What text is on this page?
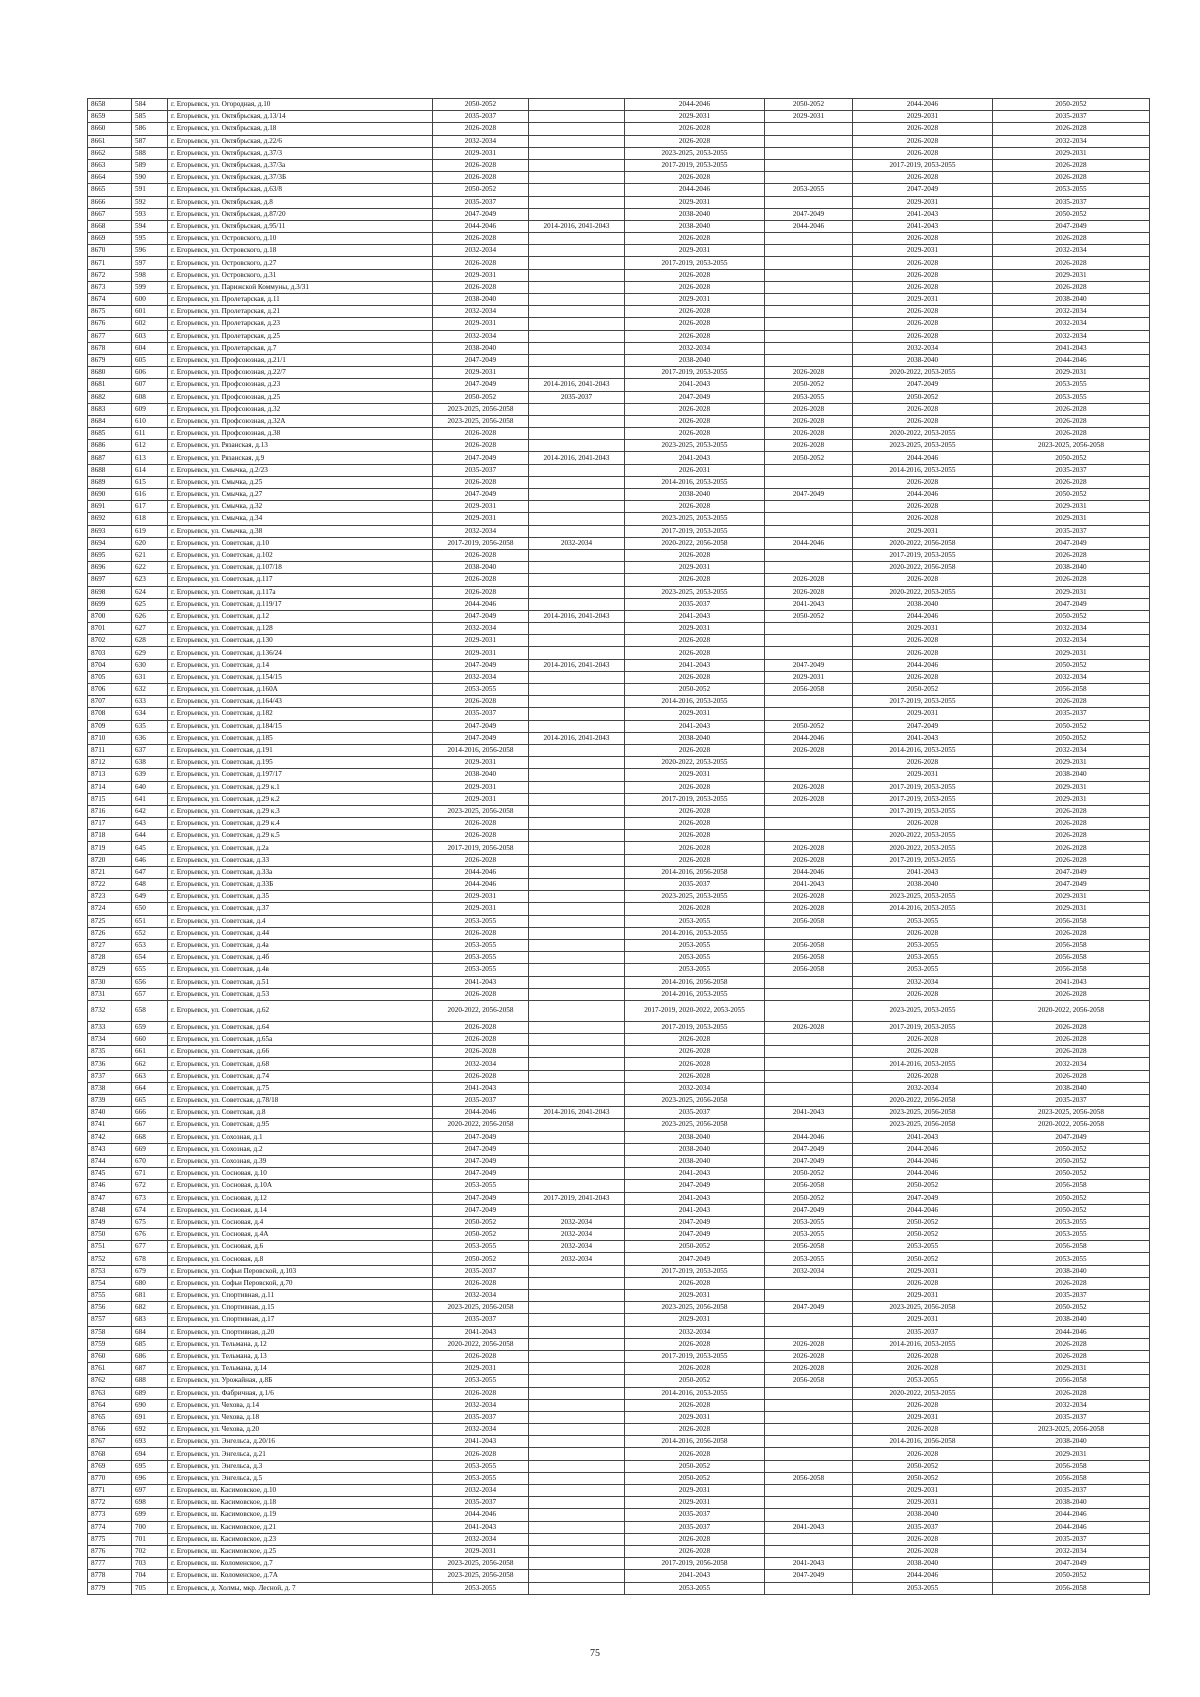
8658	584	г. Егорьевск, ул. Огородная, д.10	2050-2052		2044-2046	2050-2052	2044-2046	2050-2052
8659	585	г. Егорьевск, ул. Октябрьская, д.13/14	2035-2037		2029-2031	2029-2031	2029-2031	2035-2037
8660	586	г. Егорьевск, ул. Октябрьская, д.18	2026-2028		2026-2028		2026-2028	2026-2028
8661	587	г. Егорьевск, ул. Октябрьская, д.22/6	2032-2034		2026-2028		2026-2028	2032-2034
8662	588	г. Егорьевск, ул. Октябрьская, д.37/3	2029-2031		2023-2025, 2053-2055		2026-2028	2029-2031
8663	589	г. Егорьевск, ул. Октябрьская, д.37/3а	2026-2028		2017-2019, 2053-2055		2017-2019, 2053-2055	2026-2028
8664	590	г. Егорьевск, ул. Октябрьская, д.37/3Б	2026-2028		2026-2028		2026-2028	2026-2028
8665	591	г. Егорьевск, ул. Октябрьская, д.63/8	2050-2052		2044-2046	2053-2055	2047-2049	2053-2055
8666	592	г. Егорьевск, ул. Октябрьская, д.8	2035-2037		2029-2031		2029-2031	2035-2037
8667	593	г. Егорьевск, ул. Октябрьская, д.87/20	2047-2049		2038-2040	2047-2049	2041-2043	2050-2052
8668	594	г. Егорьевск, ул. Октябрьская, д.95/11	2044-2046	2014-2016, 2041-2043	2038-2040	2044-2046	2041-2043	2047-2049
8669	595	г. Егорьевск, ул. Островского, д.10	2026-2028		2026-2028		2026-2028	2026-2028
8670	596	г. Егорьевск, ул. Островского, д.18	2032-2034		2029-2031		2029-2031	2032-2034
8671	597	г. Егорьевск, ул. Островского, д.27	2026-2028		2017-2019, 2053-2055		2026-2028	2026-2028
8672	598	г. Егорьевск, ул. Островского, д.31	2029-2031		2026-2028		2026-2028	2029-2031
8673	599	г. Егорьевск, ул. Парижской Коммуны, д.3/31	2026-2028		2026-2028		2026-2028	2026-2028
8674	600	г. Егорьевск, ул. Пролетарская, д.11	2038-2040		2029-2031		2029-2031	2038-2040
8675	601	г. Егорьевск, ул. Пролетарская, д.21	2032-2034		2026-2028		2026-2028	2032-2034
8676	602	г. Егорьевск, ул. Пролетарская, д.23	2029-2031		2026-2028		2026-2028	2032-2034
8677	603	г. Егорьевск, ул. Пролетарская, д.25	2032-2034		2026-2028		2026-2028	2032-2034
8678	604	г. Егорьевск, ул. Пролетарская, д.7	2038-2040		2032-2034		2032-2034	2041-2043
8679	605	г. Егорьевск, ул. Профсоюзная, д.21/1	2047-2049		2038-2040		2038-2040	2044-2046
8680	606	г. Егорьевск, ул. Профсоюзная, д.22/7	2029-2031		2017-2019, 2053-2055	2026-2028	2020-2022, 2053-2055	2029-2031
8681	607	г. Егорьевск, ул. Профсоюзная, д.23	2047-2049	2014-2016, 2041-2043	2041-2043	2050-2052	2047-2049	2053-2055
8682	608	г. Егорьевск, ул. Профсоюзная, д.25	2050-2052	2035-2037	2047-2049	2053-2055	2050-2052	2053-2055
8683	609	г. Егорьевск, ул. Профсоюзная, д.32	2023-2025, 2056-2058		2026-2028	2026-2028	2026-2028	2026-2028
8684	610	г. Егорьевск, ул. Профсоюзная, д.32А	2023-2025, 2056-2058		2026-2028	2026-2028	2026-2028	2026-2028
8685	611	г. Егорьевск, ул. Профсоюзная, д.38	2026-2028		2026-2028	2026-2028	2020-2022, 2053-2055	2026-2028
8686	612	г. Егорьевск, ул. Рязанская, д.13	2026-2028		2023-2025, 2053-2055	2026-2028	2023-2025, 2053-2055	2023-2025, 2056-2058
8687	613	г. Егорьевск, ул. Рязанская, д.9	2047-2049	2014-2016, 2041-2043	2041-2043	2050-2052	2044-2046	2050-2052
8688	614	г. Егорьевск, ул. Смычка, д.2/23	2035-2037		2026-2031		2014-2016, 2053-2055	2035-2037
8689	615	г. Егорьевск, ул. Смычка, д.25	2026-2028		2014-2016, 2053-2055		2026-2028	2026-2028
8690	616	г. Егорьевск, ул. Смычка, д.27	2047-2049		2038-2040	2047-2049	2044-2046	2050-2052
8691	617	г. Егорьевск, ул. Смычка, д.32	2029-2031		2026-2028		2026-2028	2029-2031
8692	618	г. Егорьевск, ул. Смычка, д.34	2029-2031		2023-2025, 2053-2055		2026-2028	2029-2031
8693	619	г. Егорьевск, ул. Смычка, д.38	2032-2034		2017-2019, 2053-2055		2029-2031	2035-2037
8694	620	г. Егорьевск, ул. Советская, д.10	2017-2019, 2056-2058	2032-2034	2020-2022, 2056-2058	2044-2046	2020-2022, 2056-2058	2047-2049
8695	621	г. Егорьевск, ул. Советская, д.102	2026-2028		2026-2028		2017-2019, 2053-2055	2026-2028
8696	622	г. Егорьевск, ул. Советская, д.107/18	2038-2040		2029-2031		2020-2022, 2056-2058	2038-2040
8697	623	г. Егорьевск, ул. Советская, д.117	2026-2028		2026-2028	2026-2028	2026-2028	2026-2028
8698	624	г. Егорьевск, ул. Советская, д.117а	2026-2028		2023-2025, 2053-2055	2026-2028	2020-2022, 2053-2055	2029-2031
8699	625	г. Егорьевск, ул. Советская, д.119/17	2044-2046		2035-2037	2041-2043	2038-2040	2047-2049
8700	626	г. Егорьевск, ул. Советская, д.12	2047-2049	2014-2016, 2041-2043	2041-2043	2050-2052	2044-2046	2050-2052
8701	627	г. Егорьевск, ул. Советская, д.128	2032-2034		2029-2031		2029-2031	2032-2034
8702	628	г. Егорьевск, ул. Советская, д.130	2029-2031		2026-2028		2026-2028	2032-2034
8703	629	г. Егорьевск, ул. Советская, д.136/24	2029-2031		2026-2028		2026-2028	2029-2031
8704	630	г. Егорьевск, ул. Советская, д.14	2047-2049	2014-2016, 2041-2043	2041-2043	2047-2049	2044-2046	2050-2052
8705	631	г. Егорьевск, ул. Советская, д.154/15	2032-2034		2026-2028	2029-2031	2026-2028	2032-2034
8706	632	г. Егорьевск, ул. Советская, д.160А	2053-2055		2050-2052	2056-2058	2050-2052	2056-2058
8707	633	г. Егорьевск, ул. Советская, д.164/43	2026-2028		2014-2016, 2053-2055		2017-2019, 2053-2055	2026-2028
8708	634	г. Егорьевск, ул. Советская, д.182	2035-2037		2029-2031		2029-2031	2035-2037
8709	635	г. Егорьевск, ул. Советская, д.184/15	2047-2049		2041-2043	2050-2052	2047-2049	2050-2052
8710	636	г. Егорьевск, ул. Советская, д.185	2047-2049	2014-2016, 2041-2043	2038-2040	2044-2046	2041-2043	2050-2052
8711	637	г. Егорьевск, ул. Советская, д.191	2014-2016, 2056-2058		2026-2028	2026-2028	2014-2016, 2053-2055	2032-2034
8712	638	г. Егорьевск, ул. Советская, д.195	2029-2031		2020-2022, 2053-2055		2026-2028	2029-2031
8713	639	г. Егорьевск, ул. Советская, д.197/17	2038-2040		2029-2031		2029-2031	2038-2040
8714	640	г. Егорьевск, ул. Советская, д.29 к.1	2029-2031		2026-2028	2026-2028	2017-2019, 2053-2055	2029-2031
8715	641	г. Егорьевск, ул. Советская, д.29 к.2	2029-2031		2017-2019, 2053-2055	2026-2028	2017-2019, 2053-2055	2029-2031
8716	642	г. Егорьевск, ул. Советская, д.29 к.3	2023-2025, 2056-2058		2026-2028		2017-2019, 2053-2055	2026-2028
8717	643	г. Егорьевск, ул. Советская, д.29 к.4	2026-2028		2026-2028		2026-2028	2026-2028
8718	644	г. Егорьевск, ул. Советская, д.29 к.5	2026-2028		2026-2028		2020-2022, 2053-2055	2026-2028
8719	645	г. Егорьевск, ул. Советская, д.2а	2017-2019, 2056-2058		2026-2028	2026-2028	2020-2022, 2053-2055	2026-2028
8720	646	г. Егорьевск, ул. Советская, д.33	2026-2028		2026-2028	2026-2028	2017-2019, 2053-2055	2026-2028
8721	647	г. Егорьевск, ул. Советская, д.33а	2044-2046		2014-2016, 2056-2058	2044-2046	2041-2043	2047-2049
8722	648	г. Егорьевск, ул. Советская, д.33Б	2044-2046		2035-2037	2041-2043	2038-2040	2047-2049
8723	649	г. Егорьевск, ул. Советская, д.35	2029-2031		2023-2025, 2053-2055	2026-2028	2023-2025, 2053-2055	2029-2031
8724	650	г. Егорьевск, ул. Советская, д.37	2029-2031		2026-2028	2026-2028	2014-2016, 2053-2055	2029-2031
8725	651	г. Егорьевск, ул. Советская, д.4	2053-2055		2053-2055	2056-2058	2053-2055	2056-2058
8726	652	г. Егорьевск, ул. Советская, д.44	2026-2028		2014-2016, 2053-2055		2026-2028	2026-2028
8727	653	г. Егорьевск, ул. Советская, д.4а	2053-2055		2053-2055	2056-2058	2053-2055	2056-2058
8728	654	г. Егорьевск, ул. Советская, д.4б	2053-2055		2053-2055	2056-2058	2053-2055	2056-2058
8729	655	г. Егорьевск, ул. Советская, д.4в	2053-2055		2053-2055	2056-2058	2053-2055	2056-2058
8730	656	г. Егорьевск, ул. Советская, д.51	2041-2043		2014-2016, 2056-2058		2032-2034	2041-2043
8731	657	г. Егорьевск, ул. Советская, д.53	2026-2028		2014-2016, 2053-2055		2026-2028	2026-2028
8732	658	г. Егорьевск, ул. Советская, д.62	2020-2022, 2056-2058		2017-2019, 2020-2022, 2053-2055		2023-2025, 2053-2055	2020-2022, 2056-2058
8733	659	г. Егорьевск, ул. Советская, д.64	2026-2028		2017-2019, 2053-2055	2026-2028	2017-2019, 2053-2055	2026-2028
8734	660	г. Егорьевск, ул. Советская, д.65а	2026-2028		2026-2028		2026-2028	2026-2028
8735	661	г. Егорьевск, ул. Советская, д.66	2026-2028		2026-2028		2026-2028	2026-2028
8736	662	г. Егорьевск, ул. Советская, д.68	2032-2034		2026-2028		2014-2016, 2053-2055	2032-2034
8737	663	г. Егорьевск, ул. Советская, д.74	2026-2028		2026-2028		2026-2028	2026-2028
8738	664	г. Егорьевск, ул. Советская, д.75	2041-2043		2032-2034		2032-2034	2038-2040
8739	665	г. Егорьевск, ул. Советская, д.78/18	2035-2037		2023-2025, 2056-2058		2020-2022, 2056-2058	2035-2037
8740	666	г. Егорьевск, ул. Советская, д.8	2044-2046	2014-2016, 2041-2043	2035-2037	2041-2043	2023-2025, 2056-2058	2023-2025, 2056-2058
8741	667	г. Егорьевск, ул. Советская, д.95	2020-2022, 2056-2058		2023-2025, 2056-2058		2023-2025, 2056-2058	2020-2022, 2056-2058
8742	668	г. Егорьевск, ул. Сохозная, д.1	2047-2049		2038-2040	2044-2046	2041-2043	2047-2049
8743	669	г. Егорьевск, ул. Сохозная, д.2	2047-2049		2038-2040	2047-2049	2044-2046	2050-2052
8744	670	г. Егорьевск, ул. Сохозная, д.39	2047-2049		2038-2040	2047-2049	2044-2046	2050-2052
8745	671	г. Егорьевск, ул. Сосновая, д.10	2047-2049		2041-2043	2050-2052	2044-2046	2050-2052
8746	672	г. Егорьевск, ул. Сосновая, д.10А	2053-2055		2047-2049	2056-2058	2050-2052	2056-2058
8747	673	г. Егорьевск, ул. Сосновая, д.12	2047-2049	2017-2019, 2041-2043	2041-2043	2050-2052	2047-2049	2050-2052
8748	674	г. Егорьевск, ул. Сосновая, д.14	2047-2049		2041-2043	2047-2049	2044-2046	2050-2052
8749	675	г. Егорьевск, ул. Сосновая, д.4	2050-2052	2032-2034	2047-2049	2053-2055	2050-2052	2053-2055
8750	676	г. Егорьевск, ул. Сосновая, д.4А	2050-2052	2032-2034	2047-2049	2053-2055	2050-2052	2053-2055
8751	677	г. Егорьевск, ул. Сосновая, д.6	2053-2055	2032-2034	2050-2052	2056-2058	2053-2055	2056-2058
8752	678	г. Егорьевск, ул. Сосновая, д.8	2050-2052	2032-2034	2047-2049	2053-2055	2050-2052	2053-2055
8753	679	г. Егорьевск, ул. Софьи Перовской, д.103	2035-2037		2017-2019, 2053-2055	2032-2034	2029-2031	2038-2040
8754	680	г. Егорьевск, ул. Софьи Перовской, д.70	2026-2028		2026-2028		2026-2028	2026-2028
8755	681	г. Егорьевск, ул. Спортивная, д.11	2032-2034		2029-2031		2029-2031	2035-2037
8756	682	г. Егорьевск, ул. Спортивная, д.15	2023-2025, 2056-2058		2023-2025, 2056-2058	2047-2049	2023-2025, 2056-2058	2050-2052
8757	683	г. Егорьевск, ул. Спортивная, д.17	2035-2037		2029-2031		2029-2031	2038-2040
8758	684	г. Егорьевск, ул. Спортивная, д.20	2041-2043		2032-2034		2035-2037	2044-2046
8759	685	г. Егорьевск, ул. Тельмана, д.12	2020-2022, 2056-2058		2026-2028	2026-2028	2014-2016, 2053-2055	2026-2028
8760	686	г. Егорьевск, ул. Тельмана, д.13	2026-2028		2017-2019, 2053-2055	2026-2028	2026-2028	2026-2028
8761	687	г. Егорьевск, ул. Тельмана, д.14	2029-2031		2026-2028	2026-2028	2026-2028	2029-2031
8762	688	г. Егорьевск, ул. Урожайная, д.8Б	2053-2055		2050-2052	2056-2058	2053-2055	2056-2058
8763	689	г. Егорьевск, ул. Фабричная, д.1/6	2026-2028		2014-2016, 2053-2055		2020-2022, 2053-2055	2026-2028
8764	690	г. Егорьевск, ул. Чехова, д.14	2032-2034		2026-2028		2026-2028	2032-2034
8765	691	г. Егорьевск, ул. Чехова, д.18	2035-2037		2029-2031		2029-2031	2035-2037
8766	692	г. Егорьевск, ул. Чехова, д.20	2032-2034		2026-2028		2026-2028	2023-2025, 2056-2058
8767	693	г. Егорьевск, ул. Энгельса, д.20/16	2041-2043		2014-2016, 2056-2058		2014-2016, 2056-2058	2038-2040
8768	694	г. Егорьевск, ул. Энгельса, д.21	2026-2028		2026-2028		2026-2028	2029-2031
8769	695	г. Егорьевск, ул. Энгельса, д.3	2053-2055		2050-2052		2050-2052	2056-2058
8770	696	г. Егорьевск, ул. Энгельса, д.5	2053-2055		2050-2052	2056-2058	2050-2052	2056-2058
8771	697	г. Егорьевск, ш. Касимовское, д.10	2032-2034		2029-2031		2029-2031	2035-2037
8772	698	г. Егорьевск, ш. Касимовское, д.18	2035-2037		2029-2031		2029-2031	2038-2040
8773	699	г. Егорьевск, ш. Касимовское, д.19	2044-2046		2035-2037		2038-2040	2044-2046
8774	700	г. Егорьевск, ш. Касимовское, д.21	2041-2043		2035-2037	2041-2043	2035-2037	2044-2046
8775	701	г. Егорьевск, ш. Касимовское, д.23	2032-2034		2026-2028		2026-2028	2035-2037
8776	702	г. Егорьевск, ш. Касимовское, д.25	2029-2031		2026-2028		2026-2028	2032-2034
8777	703	г. Егорьевск, ш. Коломенское, д.7	2023-2025, 2056-2058		2017-2019, 2056-2058	2041-2043	2038-2040	2047-2049
8778	704	г. Егорьевск, ш. Коломенское, д.7А	2023-2025, 2056-2058		2041-2043	2047-2049	2044-2046	2050-2052
8779	705	г. Егорьевск, д. Холмы, мкр. Лесной, д. 7	2053-2055		2053-2055		2053-2055	2056-2058
75
